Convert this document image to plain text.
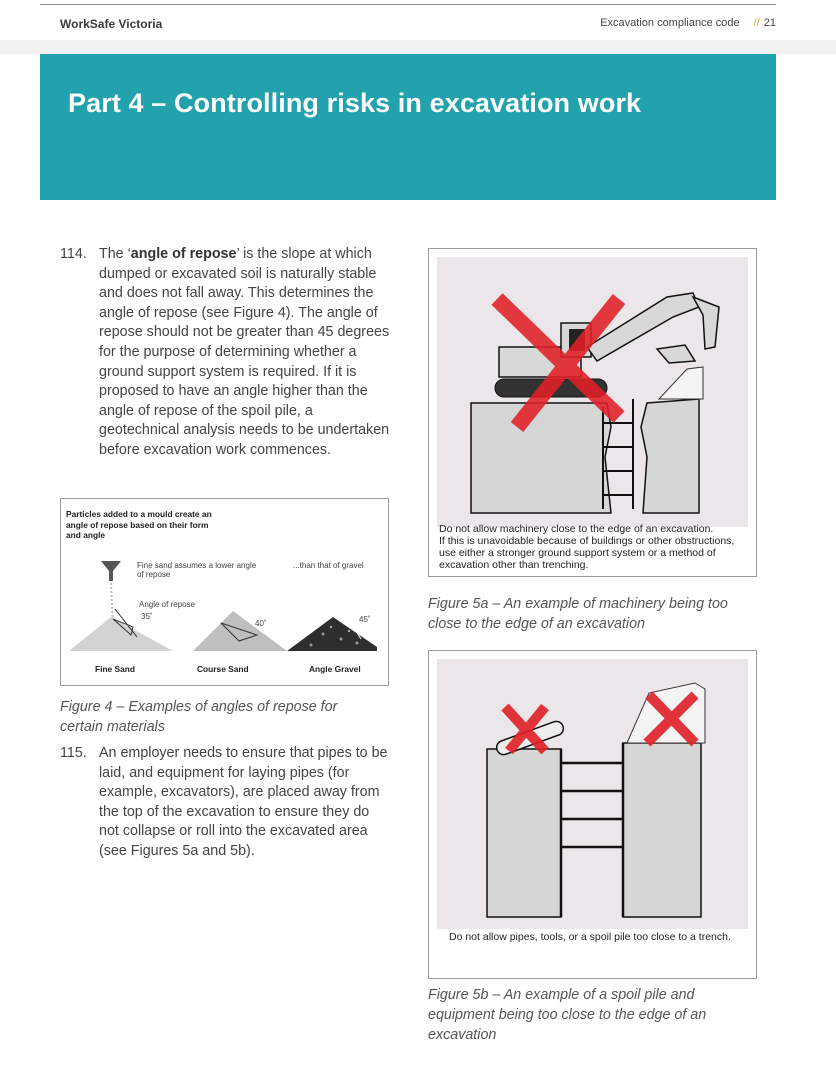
WorkSafe Victoria	Excavation compliance code // 21
Part 4 – Controlling risks in excavation work
114. The ‘angle of repose’ is the slope at which dumped or excavated soil is naturally stable and does not fall away. This determines the angle of repose (see Figure 4). The angle of repose should not be greater than 45 degrees for the purpose of determining whether a ground support system is required. If it is proposed to have an angle higher than the angle of repose of the spoil pile, a geotechnical analysis needs to be undertaken before excavation work commences.
Particles added to a mould create an angle of repose based on their form and angle
Fine sand assumes a lower angle of repose
...than that of gravel
Angle of repose
35˚
40˚	45˚
Fine Sand	Course Sand	Angle Gravel
Figure 4 – Examples of angles of repose for certain materials
115. An employer needs to ensure that pipes to be laid, and equipment for laying pipes (for example, excavators), are placed away from the top of the excavation to ensure they do not collapse or roll into the excavated area (see Figures 5a and 5b).
Do not allow machinery close to the edge of an excavation.
If this is unavoidable because of buildings or other obstructions,
use either a stronger ground support system or a method of
excavation other than trenching.
Figure 5a – An example of machinery being too close to the edge of an excavation
Do not allow pipes, tools, or a spoil pile too close to a trench.
Figure 5b – An example of a spoil pile and equipment being too close to the edge of an excavation
